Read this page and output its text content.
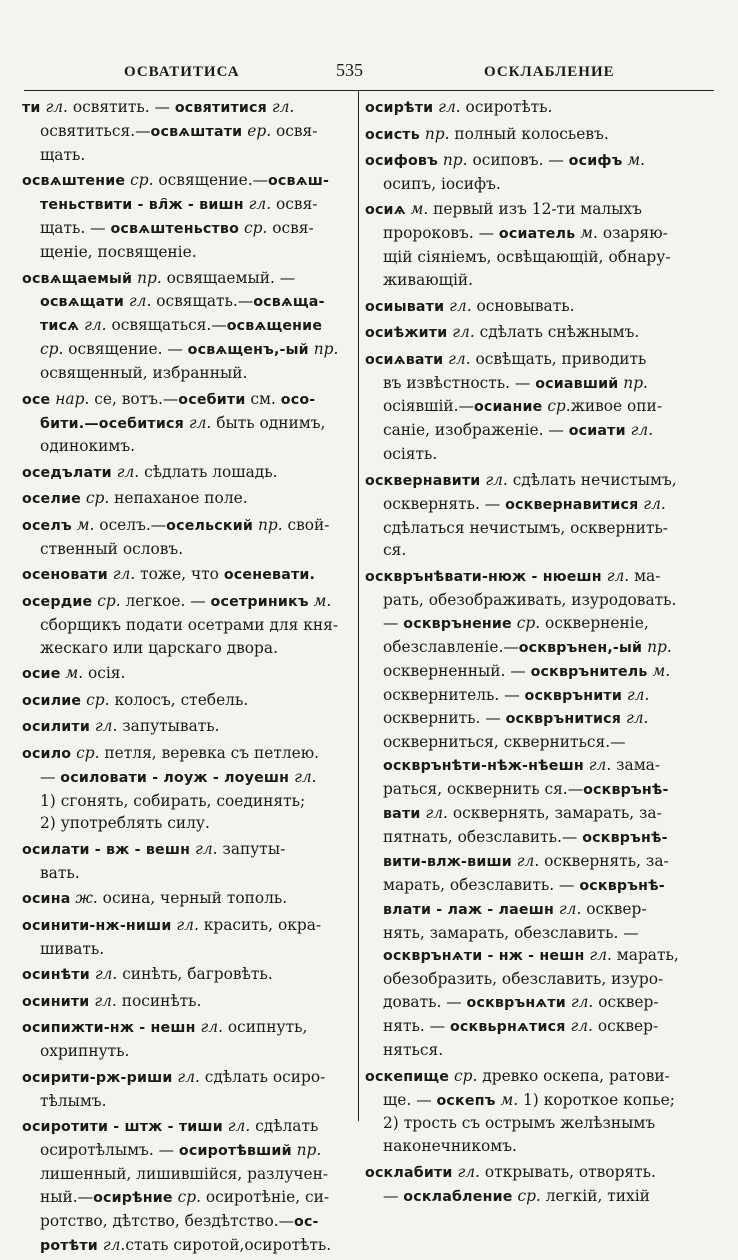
ОСВАТИТИСА	535	ОСКЛАБЛЕНИЕ
ти гл. освятить. — освятитися гл.
освятиться.—освѧштати ер. освя-
щать.
освѧштение ср. освящение.—освѧш-
теньствити - вл҄ж - вишн гл. освя-
щать. — освѧштеньство ср. освя-
щеніе, посвященіе.
освѧщаемый пр. освящаемый. —
освѧщати гл. освящать.—освѧща-
тисѧ гл. освящаться.—освѧщение
ср. освящение. — освѧщенъ,-ый пр.
освященный, избранный.
осе нар. се, вотъ.—осебити см. осо-
бити.—осебитися гл. быть однимъ,
одинокимъ.
оседълати гл. сѣдлать лошадь.
оселие ср. непаханое поле.
оселъ м. оселъ.—осельский пр. свой-
ственный ословъ.
осеновати гл. тоже, что осеневати.
осердие ср. легкое. — осетриникъ м.
сборщикъ подати осетрами для кня-
жескаго или царскаго двора.
осие м. осія.
осилие ср. колосъ, стебель.
осилити гл. запутывать.
осило ср. петля, веревка съ петлею.
— осиловати - лоуж - лоуешн гл.
1) сгонять, собирать, соединять;
2) употреблять силу.
осилати - вж - вешн гл. запуты-
вать.
осина ж. осина, черный тополь.
осинити-нж-ниши гл. красить, окра-
шивать.
осинѣти гл. синѣть, багровѣть.
осинити гл. посинѣть.
осипижти-нж - нешн гл. осипнуть,
охрипнуть.
осирити-рж-риши гл. сдѣлать осиро-
тѣлымъ.
осиротити - штж - тиши гл. сдѣлать
осиротѣлымъ. — осиротѣвший пр.
лишенный, лишившійся, разлучен-
ный.—осирѣние ср. осиротѣніе, си-
ротство, дѣтство, бездѣтство.—ос-
ротѣти гл.стать сиротой,осиротѣть.
осирѣти гл. осиротѣть.
осисть пр. полный колосьевъ.
осифовъ пр. осиповъ. — осифъ м.
осипъ, іосифъ.
осиѧ м. первый изъ 12-ти малыхъ
пророковъ. — осиатель м. озаряю-
щій сіяніемъ, освѣщающій, обнару-
живающій.
осиывати гл. основывать.
осиѣжити гл. сдѣлать снѣжнымъ.
осиѧвати гл. освѣщать, приводить
въ извѣстность. — осиавший пр.
осіявшій.—осиание ср.живое опи-
саніе, изображеніе. — осиати гл.
осіять.
осквернавити гл. сдѣлать нечистымъ,
осквернять. — осквернавитися гл.
сдѣлаться нечистымъ, осквернить-
ся.
оскврънѣвати-нюж - нюешн гл. ма-
рать, обезображивать, изуродовать.
— оскврънение ср. оскверненіе,
обезславленіе.—оскврънен,-ый пр.
оскверненный. — оскврънитель м.
осквернитель. — оскврънити гл.
осквернить. — оскврънитися гл.
оскверниться, скверниться.—
оскврънѣти-нѣж-нѣешн гл. зама-
раться, осквернить ся.—оскврънѣ-
вати гл. осквернять, замарать, за-
пятнать, обезславить.— оскврънѣ-
вити-влж-виши гл. осквернять, за-
марать, обезславить. — оскврънѣ-
влати - лаж - лаешн гл. осквер-
нять, замарать, обезславить. —
оскврънѧти - нж - нешн гл. марать,
обезобразить, обезславить, изуро-
довать. — оскврънѧти гл. осквер-
нять. — осквьрнѧтися гл. осквер-
няться.
оскепище ср. древко оскепа, ратови-
ще. — оскепъ м. 1) короткое копье;
2) трость съ острымъ желѣзнымъ
наконечникомъ.
осклабити гл. открывать, отворять.
— осклабление ср. легкій, тихій
